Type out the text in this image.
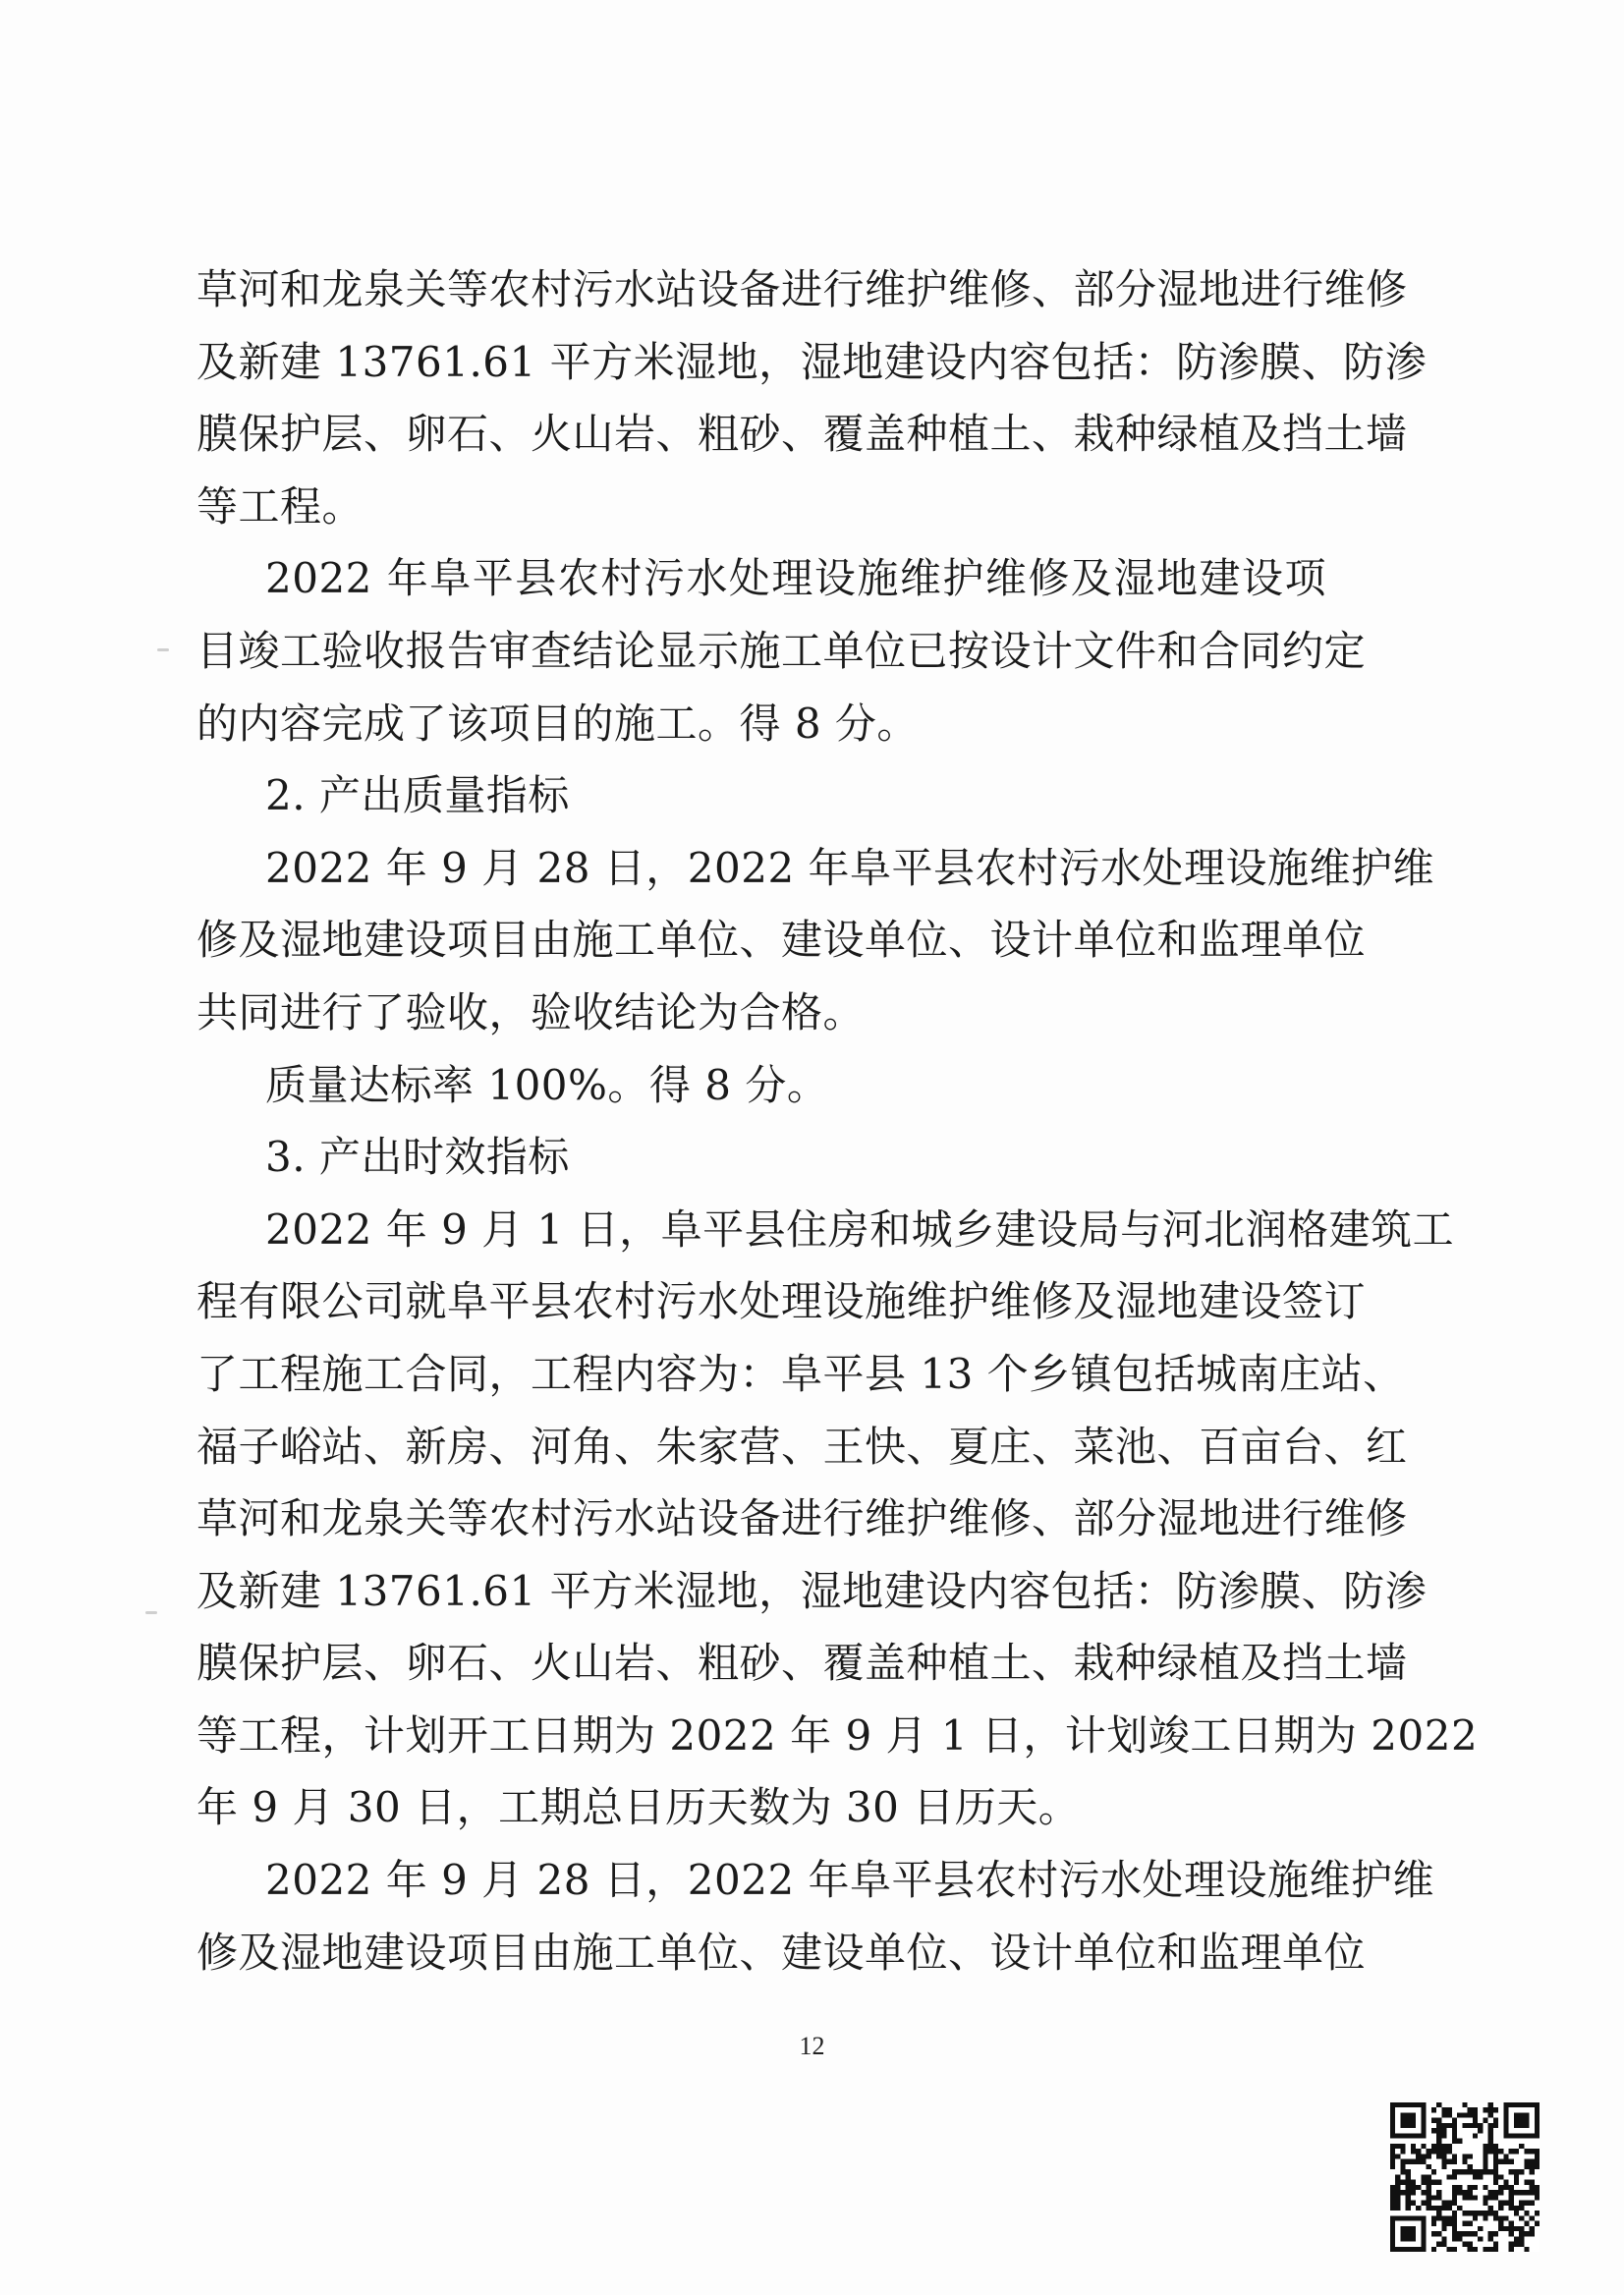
草河和龙泉关等农村污水站设备进行维护维修、部分湿地进行维修
及新建 13761.61 平方米湿地，湿地建设内容包括：防渗膜、防渗
膜保护层、卵石、火山岩、粗砂、覆盖种植土、栽种绿植及挡土墙
等工程。
2022 年阜平县农村污水处理设施维护维修及湿地建设项
目竣工验收报告审查结论显示施工单位已按设计文件和合同约定
的内容完成了该项目的施工。得 8 分。
2. 产出质量指标
2022 年 9 月 28 日，2022 年阜平县农村污水处理设施维护维
修及湿地建设项目由施工单位、建设单位、设计单位和监理单位
共同进行了验收，验收结论为合格。
质量达标率 100%。得 8 分。
3. 产出时效指标
2022 年 9 月 1 日，阜平县住房和城乡建设局与河北润格建筑工
程有限公司就阜平县农村污水处理设施维护维修及湿地建设签订
了工程施工合同，工程内容为：阜平县 13 个乡镇包括城南庄站、
福子峪站、新房、河角、朱家营、王快、夏庄、菜池、百亩台、红
草河和龙泉关等农村污水站设备进行维护维修、部分湿地进行维修
及新建 13761.61 平方米湿地，湿地建设内容包括：防渗膜、防渗
膜保护层、卵石、火山岩、粗砂、覆盖种植土、栽种绿植及挡土墙
等工程，计划开工日期为 2022 年 9 月 1 日，计划竣工日期为 2022
年 9 月 30 日，工期总日历天数为 30 日历天。
2022 年 9 月 28 日，2022 年阜平县农村污水处理设施维护维
修及湿地建设项目由施工单位、建设单位、设计单位和监理单位
12
